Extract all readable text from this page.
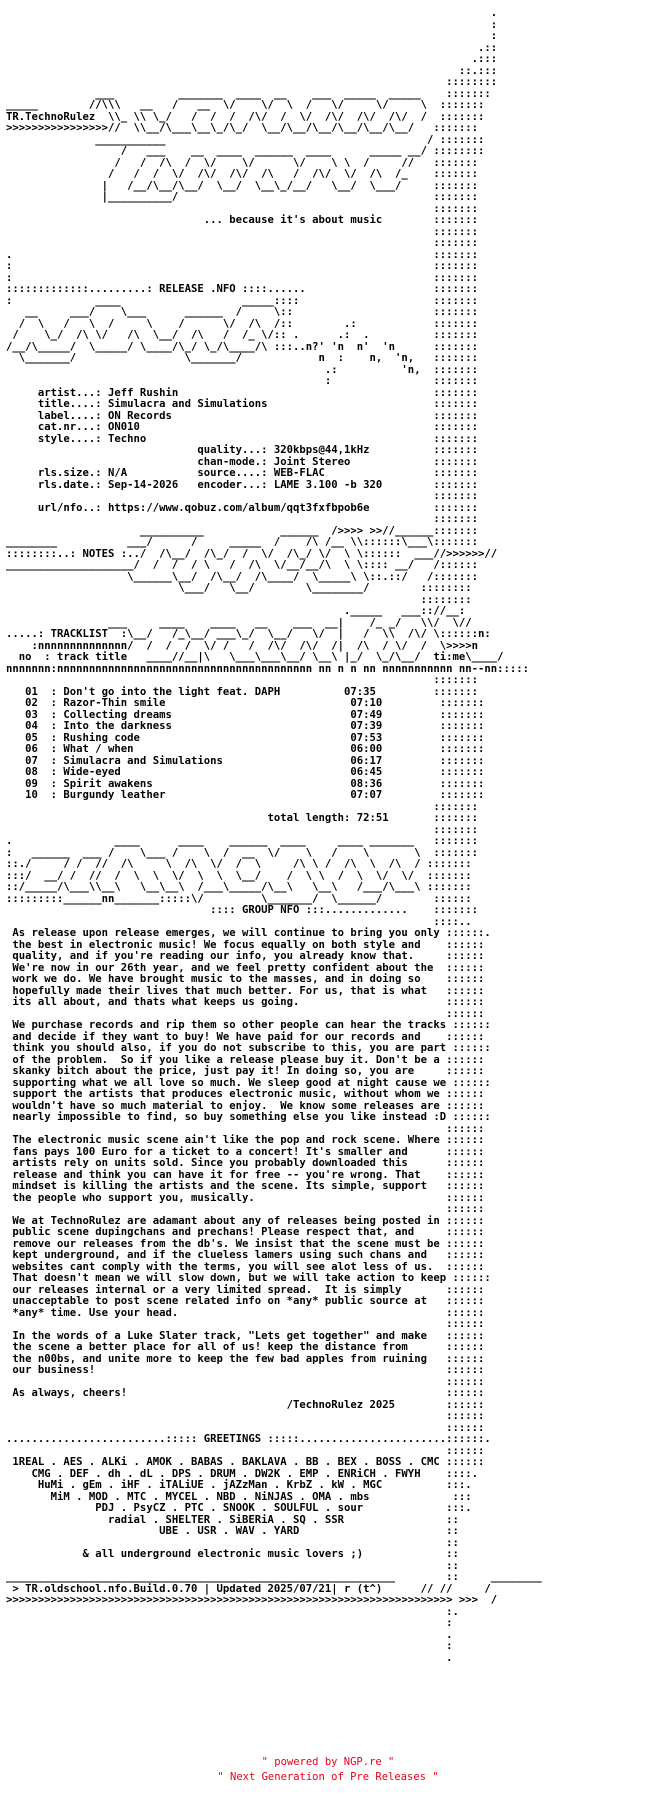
.
:
:
.::
.:::
::.:::
::::::::
___          _______  ____  __    ___  _____  _____    :::::::
_____        //\\\   __   /   __  \/    \/  \  /   \/     \/     \  :::::::
TR.TechnoRulez  \\_ \\ \_/   /  /  /  /\/  /  \/  /\/  /\/  /\/  /  :::::::
>>>>>>>>>>>>>>>>//  \\__/\___\__\_/\_/  \__/\__/\__/\__/\__/\__/   :::::::
___________                                         / :::::::
/   ___    __  ____  ______  ____      _____ __/ ::::::::
/   /  /\  /  \/    \/      \/    \ \  /     //   :::::::
/   /  /  \/  /\/  /\/  /\   /  /\/  \/  /\  /_    :::::::
|   /__/\__/\__/  \__/  \__\_/__/   \__/  \___/     :::::::
|__________/                                        :::::::
:::::::
... because it's about music        :::::::
:::::::
:::::::
.                                                                  :::::::
:                                                                  :::::::
:                                                                  :::::::
:::::::::::::.........: RELEASE .NFO ::::......                    :::::::
:             ____                   _____::::                     :::::::
__     ___/    \___      ______  /     \::                      :::::::
/  \   /   \  /     \    /      \/  /\  /::        .:            :::::::
/    \_/  /\ \/   /\  \__/  /\   /  /_ \/:: .      .:  .          :::::::
/__/\_____/  \_____/ \____/\_/ \_/\____/\ :::..n?' 'n  n'  'n      :::::::
\_______/                 \_______/            n  :    n,  'n,   :::::::
.:          'n,  :::::::
:                :::::::
artist...: Jeff Rushin                                        :::::::
title....: Simulacra and Simulations                          :::::::
label....: ON Records                                         :::::::
cat.nr...: ON010                                              :::::::
style....: Techno                                             :::::::
quality...: 320kbps@44,1kHz          :::::::
chan-mode.: Joint Stereo             :::::::
rls.size.: N/A           source....: WEB-FLAC                 :::::::
rls.date.: Sep-14-2026   encoder...: LAME 3.100 -b 320        :::::::
:::::::
url/nfo..: https://www.qobuz.com/album/qqt3fxfbpob6e          :::::::
:::::::
__________            ______  />>>> >>//______:::::::
________           ___/      /     _____  /    /\ /__ \\::::::\___\:::::::
::::::::..: NOTES :../  /\__/  /\_/  /  \/  /\_/ \/  \ \::::::  ___//>>>>>>//
____________________/  /  /  / \   /  /\  \/__/__/\  \ \:::: __/   /::::::
\______\__/  /\__/  /\____/  \_____\ \::.::/   /:::::::
\___/   \__/        \________/        ::::::::
::::::::
._____   ___:://__:
___     ____    ____   __    ___  __|    /_ _/   \\/  \//
.....: TRACKLIST  :\__/   /_\__/ ___\_/  \__/   \/  |   /  \\  /\/ \::::::n:
:nnnnnnnnnnnnnn/  /  /  /  \/ /   /  /\/  /\/  /|  /\  / \/  /  \>>>>n
no  : track title   ____//__|\   \___\___\__/ \__\ |_/  \_/\__/  ti:me\____/
nnnnnnn:nnnnnnnnnnnnnnnnnnnnnnnnnnnnnnnnnnnnnnnn nn n n nn nnnnnnnnnnn nn--nn:::::
:::::::
01  : Don't go into the light feat. DAPH          07:35         :::::::
02  : Razor-Thin smile                             07:10         :::::::
03  : Collecting dreams                            07:49         :::::::
04  : Into the darkness                            07:39         :::::::
05  : Rushing code                                 07:53         :::::::
06  : What / when                                  06:00         :::::::
07  : Simulacra and Simulations                    06:17         :::::::
08  : Wide-eyed                                    06:45         :::::::
09  : Spirit awakens                               08:36         :::::::
10  : Burgundy leather                             07:07         :::::::
:::::::
total length: 72:51       :::::::
:::::::
.                ____      ____    ______  ____     ____ _______   :::::::
:   ______  ___ /    \___ /    \  /  __  \/    \   /    \       \  :::::::
::./     / /  //  /\     \  /\  \/  /  \     /\ \ /  /\  \  /\  / :::::::
:::/  __/ /  //  /  \  \  \/  \  \  \__/    /  \ \  /  \  \/  \/  :::::::
::/_____/\___\\__\   \__\__\  /___\_____/\__\   \__\   /___/\___\ :::::::
:::::::::______nn_______:::::\/         \_______/  \______/        ::::::
:::: GROUP NFO :::.............    :::::::
::::..
As release upon release emerges, we will continue to bring you only ::::::.
the best in electronic music! We focus equally on both style and    ::::::
quality, and if you're reading our info, you already know that.     ::::::
We're now in our 26th year, and we feel pretty confident about the  ::::::
work we do. We have brought music to the masses, and in doing so    ::::::
hopefully made their lives that much better. For us, that is what   ::::::
its all about, and thats what keeps us going.                       ::::::
::::::
We purchase records and rip them so other people can hear the tracks ::::::
and decide if they want to buy! We have paid for our records and    ::::::
think you should also, if you do not subscribe to this, you are part ::::::
of the problem.  So if you like a release please buy it. Don't be a ::::::
skanky bitch about the price, just pay it! In doing so, you are     ::::::
supporting what we all love so much. We sleep good at night cause we ::::::
support the artists that produces electronic music, without whom we ::::::
wouldn't have so much material to enjoy.  We know some releases are ::::::
nearly impossible to find, so buy something else you like instead :D ::::::
::::::
The electronic music scene ain't like the pop and rock scene. Where ::::::
fans pays 100 Euro for a ticket to a concert! It's smaller and      ::::::
artists rely on units sold. Since you probably downloaded this      ::::::
release and think you can have it for free -- you're wrong. That    ::::::
mindset is killing the artists and the scene. Its simple, support   ::::::
the people who support you, musically.                              ::::::
::::::
We at TechnoRulez are adamant about any of releases being posted in ::::::
public scene dupingchans and prechans! Please respect that, and     ::::::
remove our releases from the db's. We insist that the scene must be ::::::
kept underground, and if the clueless lamers using such chans and   ::::::
websites cant comply with the terms, you will see alot less of us.  ::::::
That doesn't mean we will slow down, but we will take action to keep ::::::
our releases internal or a very limited spread.  It is simply       ::::::
unacceptable to post scene related info on *any* public source at   ::::::
*any* time. Use your head.                                          ::::::
::::::
In the words of a Luke Slater track, "Lets get together" and make   ::::::
the scene a better place for all of us! keep the distance from      ::::::
the n00bs, and unite more to keep the few bad apples from ruining   ::::::
our business!                                                       ::::::
::::::
As always, cheers!                                                  ::::::
/TechnoRulez 2025        ::::::
::::::
::::::
.........................::::: GREETINGS :::::.......................::::::.
::::::
1REAL . AES . ALKi . AMOK . BABAS . BAKLAVA . BB . BEX . BOSS . CMC ::::::
CMG . DEF . dh . dL . DPS . DRUM . DW2K . EMP . ENRiCH . FWYH    ::::.
HuMi . gEm . iHF . iTALiUE . jAZzMan . KrbZ . kW . MGC          :::.
MiM . MOD . MTC . MYCEL . NBD . NiNJAS . OMA . mbs             :::
PDJ . PsyCZ . PTC . SNOOK . SOULFUL . sour             :::.
radial . SHELTER . SiBERiA . SQ . SSR                ::
UBE . USR . WAV . YARD                       ::
::
& all underground electronic music lovers ;)             ::
::
_____________________________________________________________        ::     ________
> TR.oldschool.nfo.Build.0.70 | Updated 2025/07/21| r (t^)      // //     /
>>>>>>>>>>>>>>>>>>>>>>>>>>>>>>>>>>>>>>>>>>>>>>>>>>>>>>>>>>>>>>>>>>>>>> >>>  /
:.
:
.
:
.
" powered by NGP.re "
" Next Generation of Pre Releases "
